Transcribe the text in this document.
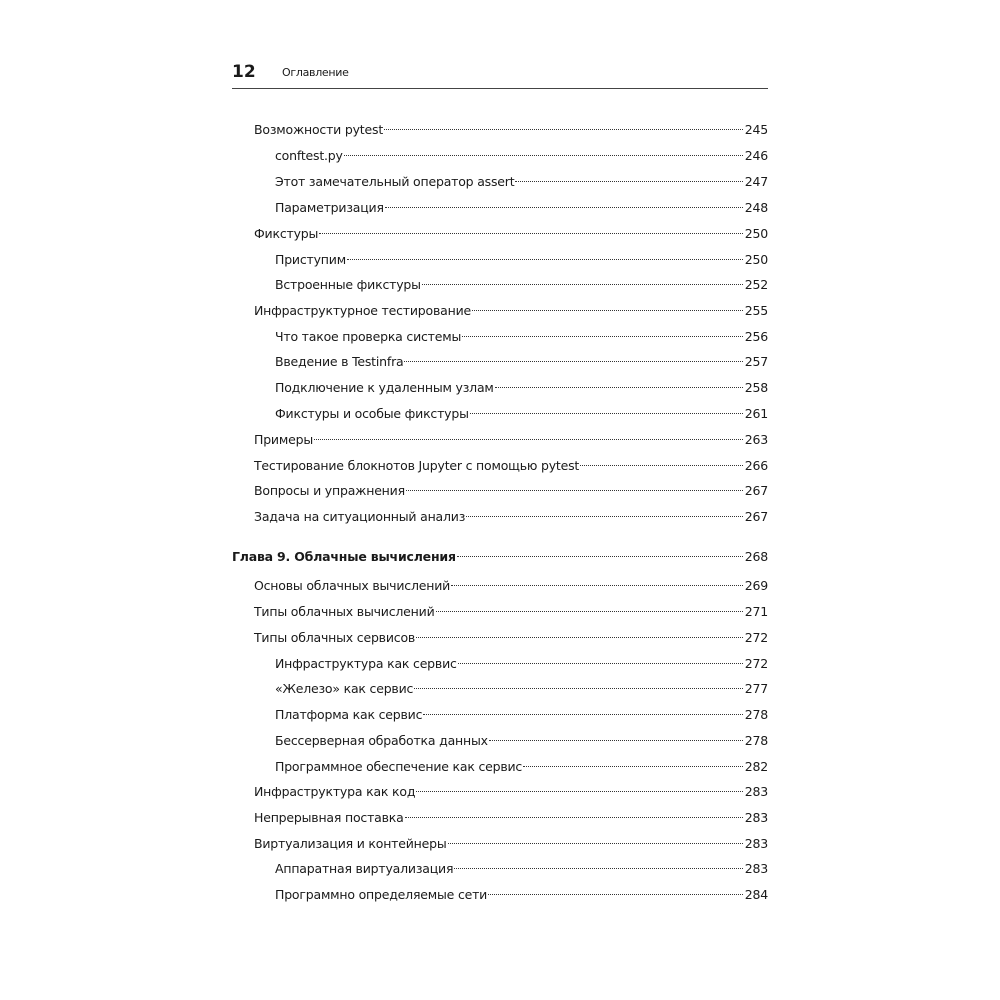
12 Оглавление
Возможности pytest	245
conftest.py	246
Этот замечательный оператор assert	247
Параметризация	248
Фикстуры	250
Приступим	250
Встроенные фикстуры	252
Инфраструктурное тестирование	255
Что такое проверка системы	256
Введение в Testinfra	257
Подключение к удаленным узлам	258
Фикстуры и особые фикстуры	261
Примеры	263
Тестирование блокнотов Jupyter с помощью pytest	266
Вопросы и упражнения	267
Задача на ситуационный анализ	267
Глава 9. Облачные вычисления	268
Основы облачных вычислений	269
Типы облачных вычислений	271
Типы облачных сервисов	272
Инфраструктура как сервис	272
«Железо» как сервис	277
Платформа как сервис	278
Бессерверная обработка данных	278
Программное обеспечение как сервис	282
Инфраструктура как код	283
Непрерывная поставка	283
Виртуализация и контейнеры	283
Аппаратная виртуализация	283
Программно определяемые сети	284
